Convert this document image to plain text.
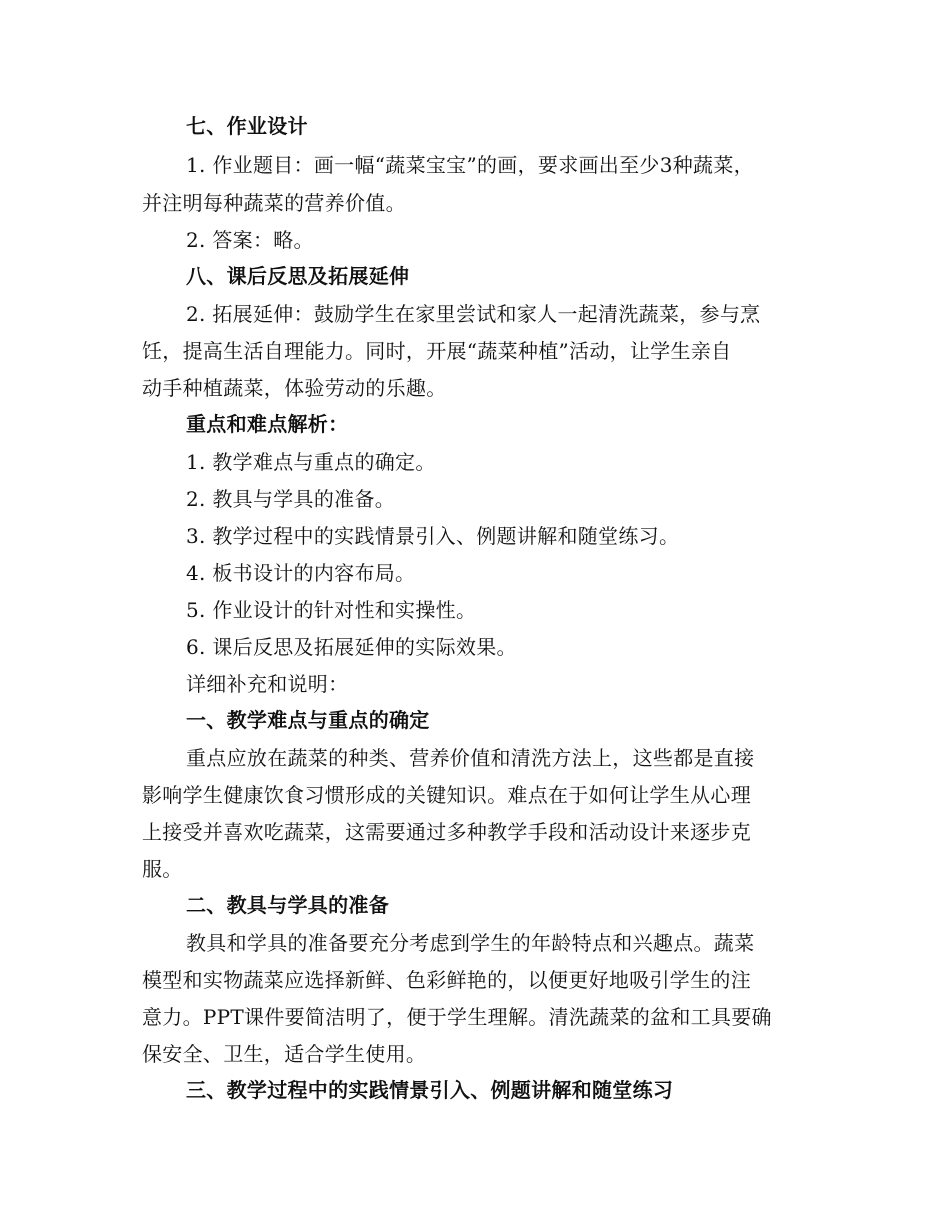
七、作业设计
1. 作业题目：画一幅“蔬菜宝宝”的画，要求画出至少3种蔬菜，
并注明每种蔬菜的营养价值。
2. 答案：略。
八、课后反思及拓展延伸
2. 拓展延伸：鼓励学生在家里尝试和家人一起清洗蔬菜，参与烹
饪，提高生活自理能力。同时，开展“蔬菜种植”活动，让学生亲自
动手种植蔬菜，体验劳动的乐趣。
重点和难点解析：
1. 教学难点与重点的确定。
2. 教具与学具的准备。
3. 教学过程中的实践情景引入、例题讲解和随堂练习。
4. 板书设计的内容布局。
5. 作业设计的针对性和实操性。
6. 课后反思及拓展延伸的实际效果。
详细补充和说明：
一、教学难点与重点的确定
重点应放在蔬菜的种类、营养价值和清洗方法上，这些都是直接
影响学生健康饮食习惯形成的关键知识。难点在于如何让学生从心理
上接受并喜欢吃蔬菜，这需要通过多种教学手段和活动设计来逐步克
服。
二、教具与学具的准备
教具和学具的准备要充分考虑到学生的年龄特点和兴趣点。蔬菜
模型和实物蔬菜应选择新鲜、色彩鲜艳的，以便更好地吸引学生的注
意力。PPT课件要简洁明了，便于学生理解。清洗蔬菜的盆和工具要确
保安全、卫生，适合学生使用。
三、教学过程中的实践情景引入、例题讲解和随堂练习
